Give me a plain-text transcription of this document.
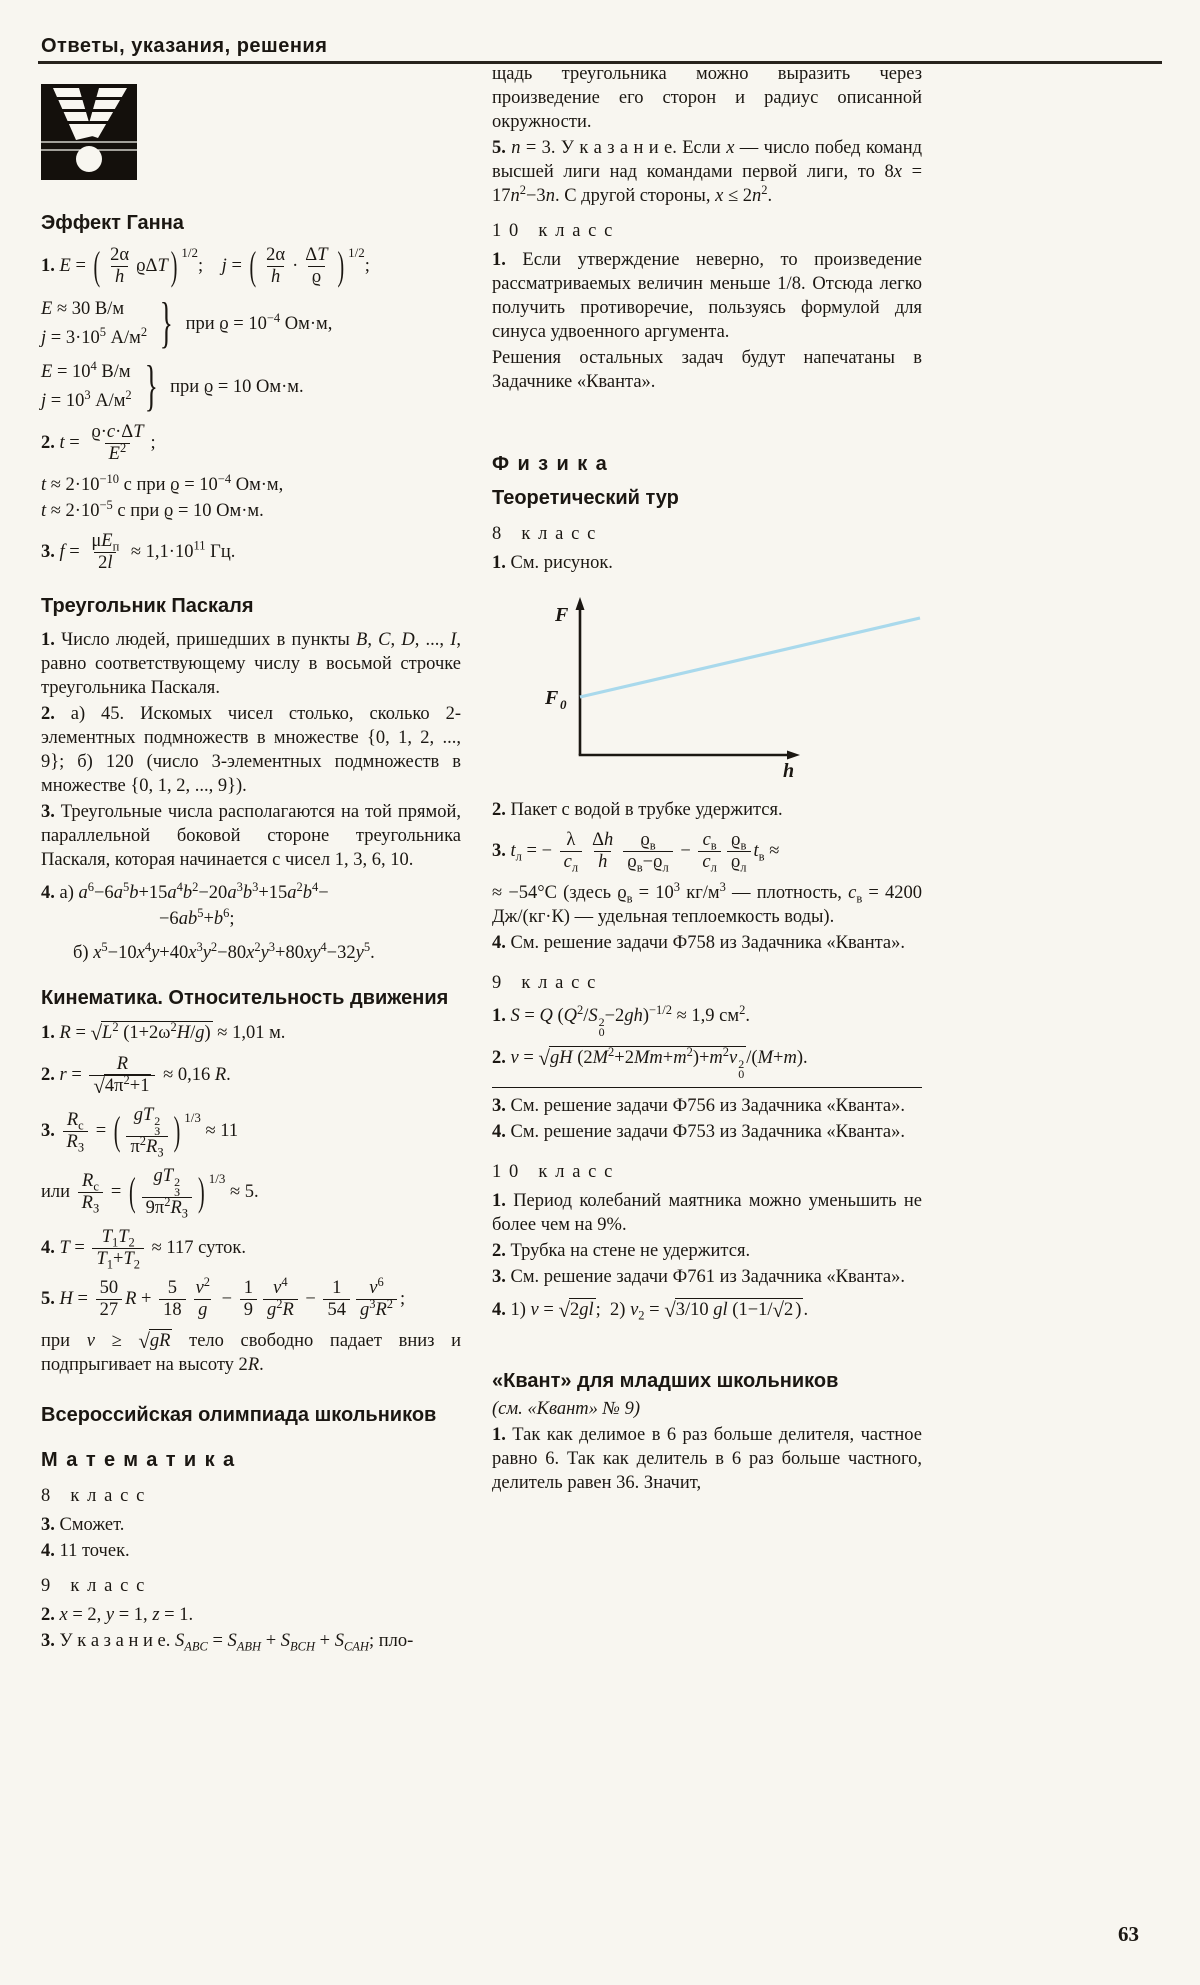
Ответы, указания, решения
Эффект Ганна
1. E = ( $\frac{2\alpha}{h}$ ϱΔT ) $^{1/2}$;  j = ( $\frac{2\alpha}{h} \cdot \frac{\Delta T}{ϱ}$ ) $^{1/2}$;
E ≈ 30 В/м
$j = 3\cdot 10^5$ $А/м^2$ } при $ϱ = 10^{-4}$ Ом·м,
$E = 10^4$ В/м
$j = 10^3$ $А/м^2$ } при ϱ = 10 Ом·м.
2. $t = \frac{ϱ\cdot c\cdot\Delta T}{E^2}$ ;
$t \approx 2\cdot 10^{-10}$ с при $ϱ = 10^{-4}$ Ом·м,
$t \approx 2\cdot 10^{-5}$ с при ϱ = 10 Ом·м.
3. $f = \frac{\mu E_п}{2l} \approx 1,1\cdot 10^{11}$ Гц.
Треугольник Паскаля
1. Число людей, пришедших в пункты B, C, D, ..., I, равно соответствующему числу в восьмой строчке треугольника Паскаля.
2. а) 45. Искомых чисел столько, сколько 2-элементных подмножеств в множестве {0, 1, 2, ..., 9}; б) 120 (число 3-элементных подмножеств в множестве {0, 1, 2, ..., 9}).
3. Треугольные числа располагаются на той прямой, параллельной боковой стороне треугольника Паскаля, которая начинается с чисел 1, 3, 6, 10.
4. а) $a^6-6a^5b+15a^4b^2-20a^3b^3+15a^2b^4-$
$-6ab^5+b^6$;
б) $x^5-10x^4y+40x^3y^2-80x^2y^3+80xy^4-32y^5$.
Кинематика. Относительность движения
1. $R = √L^2$ $(1+2\omega^2H/g) \approx 1,01$ м.
2. $r = \frac{R}{√4\pi^2+1} \approx 0,16$ R.
3. $\frac{R_с}{R_З}$ = ( gT 2
З
$\pi^2R_З$ ) $^{1/3}$ ≈ 11
или $\frac{R_с}{R_З}$ = ( gT 2
З
$9\pi^2R_З$ ) $^{1/3}$ ≈ 5.
4. $T = \frac{T_1T_2}{T_1+T_2} \approx 117$ суток.
5. $H = \frac{50}{27}$ $R + \frac{5}{18} \frac{v^2}{g} - \frac{1}{9} \frac{v^4}{g^2R} - \frac{1}{54} \frac{v^6}{g^3R^2}$ ;
при v ≥ √gR тело свободно падает вниз и подпрыгивает на высоту 2R.
Всероссийская олимпиада школьников
Математика
8 класс
3. Сможет.
4. 11 точек.
9 класс
2. x = 2, y = 1, z = 1.
3. У к а з а н и е. $S_{ABC} = S_{ABH} + S_{BCH} + S_{CAH}$; пло-
щадь треугольника можно выразить через произведение его сторон и радиус описанной окружности.
5. n = 3. У к а з а н и е. Если x — число побед команд высшей лиги над командами первой лиги, то $8x = 17n^2-3n$. С другой стороны, $x \le 2n^2$.
10 класс
1. Если утверждение неверно, то произведение рассматриваемых величин меньше 1/8. Отсюда легко получить противоречие, пользуясь формулой для синуса удвоенного аргумента.
Решения остальных задач будут напечатаны в Задачнике «Кванта».
Физика
Теоретический тур
8 класс
1. См. рисунок.
F
F 0
h
2. Пакет с водой в трубке удержится.
3. $t_л$ = − $\frac{\lambda}{c_л} \frac{\Delta h}{h} \frac{ϱ_в}{ϱ_в-ϱ_л} - \frac{c_в}{c_л} \frac{ϱ_в}{ϱ_л} t_в$ ≈
≈ −54°C (здесь $ϱ_в = 10^3$ $кг/м^3$ — плотность, $c_в = 4200$ Дж/(кг·К) — удельная теплоемкость воды).
4. См. решение задачи Ф758 из Задачника «Кванта».
9 класс
1. S = Q ($Q^2/S$ 2
0
−2gh)$^{-1/2}$ ≈ 1,9 $см^2$.
2. v = √gH $(2M^2+2Mm+m^2)+m^2v$ 2
0
/(M+m).
3. См. решение задачи Ф756 из Задачника «Кванта».
4. См. решение задачи Ф753 из Задачника «Кванта».
10 класс
1. Период колебаний маятника можно уменьшить не более чем на 9%.
2. Трубка на стене не удержится.
3. См. решение задачи Ф761 из Задачника «Кванта».
4. 1) v = √2gl ; 2) $v_2 = √3/10$ gl (1−1/√2 ) .
«Квант» для младших школьников
(см. «Квант» № 9)
1. Так как делимое в 6 раз больше делителя, частное равно 6. Так как делитель в 6 раз больше частного, делитель равен 36. Значит,
63
